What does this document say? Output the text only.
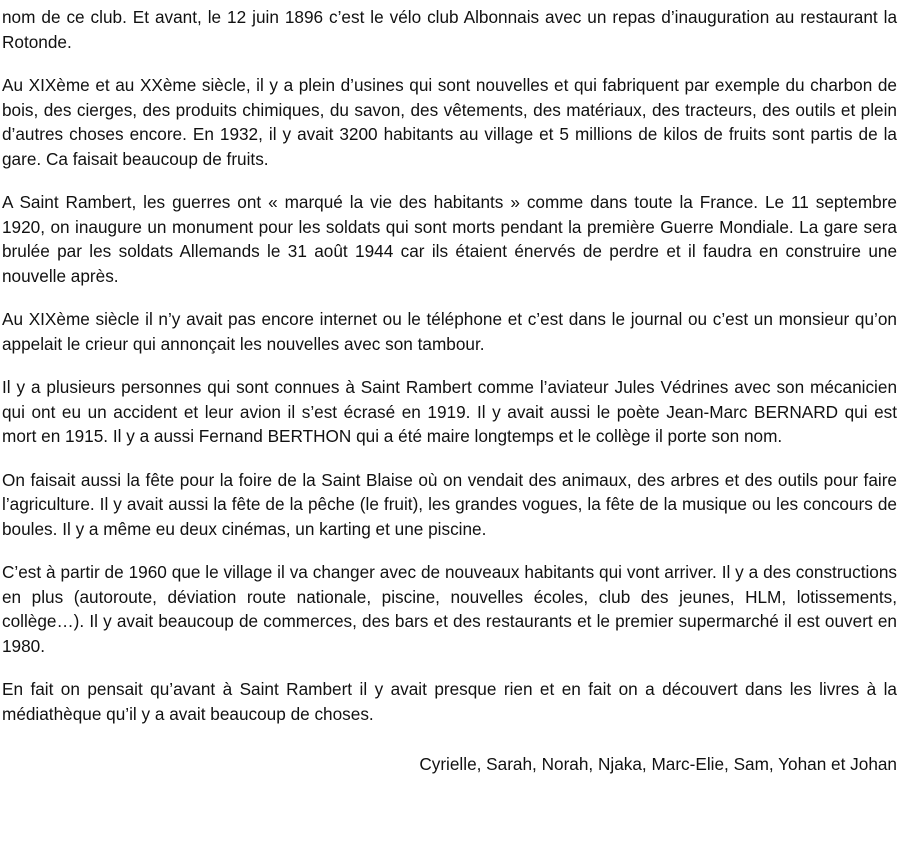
nom de ce club. Et avant, le 12 juin 1896 c’est le vélo club Albonnais avec un repas d’inauguration au restaurant la Rotonde.

Au XIXème et au XXème siècle, il y a plein d’usines qui sont nouvelles et qui fabriquent par exemple du charbon de bois, des cierges, des produits chimiques, du savon, des vêtements, des matériaux, des tracteurs, des outils et plein d’autres choses encore. En 1932, il y avait 3200 habitants au village et 5 millions de kilos de fruits sont partis de la gare. Ca faisait beaucoup de fruits.

A Saint Rambert, les guerres ont « marqué la vie des habitants » comme dans toute la France. Le 11 septembre 1920, on inaugure un monument pour les soldats qui sont morts pendant la première Guerre Mondiale. La gare sera brulée par les soldats Allemands le 31 août 1944 car ils étaient énervés de perdre et il faudra en construire une nouvelle après.

Au XIXème siècle il n’y avait pas encore internet ou le téléphone et c’est dans le journal ou c’est un monsieur qu’on appelait le crieur qui annonçait les nouvelles avec son tambour.

Il y a plusieurs personnes qui sont connues à Saint Rambert comme l’aviateur Jules Védrines avec son mécanicien qui ont eu un accident et leur avion il s’est écrasé en 1919. Il y avait aussi le poète Jean-Marc BERNARD qui est mort en 1915. Il y a aussi Fernand BERTHON qui a été maire longtemps et le collège il porte son nom.

On faisait aussi la fête pour la foire de la Saint Blaise où on vendait des animaux, des arbres et des outils pour faire l’agriculture. Il y avait aussi la fête de la pêche (le fruit), les grandes vogues, la fête de la musique ou les concours de boules. Il y a même eu deux cinémas, un karting et une piscine.

C’est à partir de 1960 que le village il va changer avec de nouveaux habitants qui vont arriver. Il y a des constructions en plus (autoroute, déviation route nationale, piscine, nouvelles écoles, club des jeunes, HLM, lotissements, collège…). Il y avait beaucoup de commerces, des bars et des restaurants et le premier supermarché il est ouvert en 1980.

En fait on pensait qu’avant à Saint Rambert il y avait presque rien et en fait on a découvert dans les livres à la médiathèque qu’il y a avait beaucoup de choses.

Cyrielle, Sarah, Norah, Njaka, Marc-Elie, Sam, Yohan et Johan
